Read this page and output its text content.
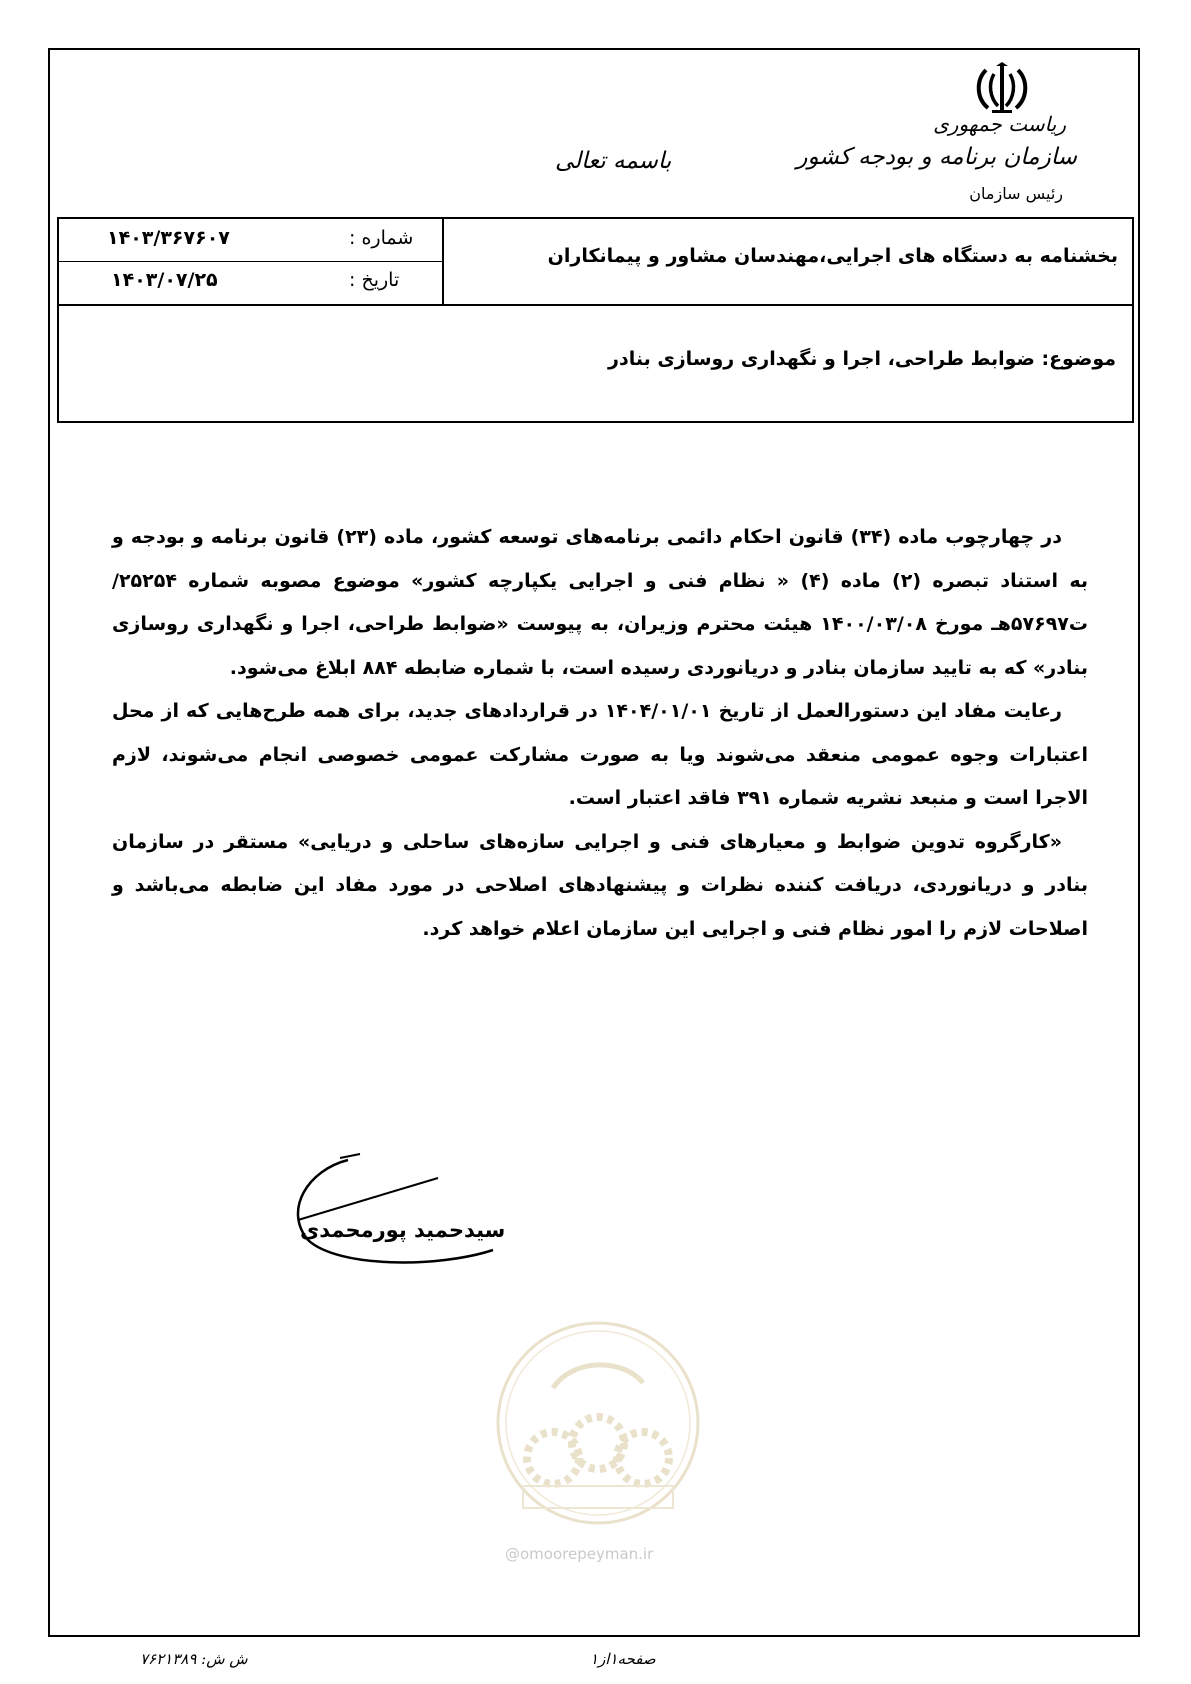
ریاست جمهوری
سازمان برنامه و بودجه کشور
رئیس سازمان
باسمه تعالی
شماره :
۱۴۰۳/۳۶۷۶۰۷
تاریخ :
۱۴۰۳/۰۷/۲۵
بخشنامه به دستگاه های اجرایی،مهندسان مشاور و پیمانکاران
موضوع: ضوابط طراحی، اجرا و نگهداری روسازی بنادر

در چهارچوب ماده (۳۴) قانون احکام دائمی برنامه‌های توسعه کشور، ماده (۲۳) قانون برنامه و بودجه و به استناد تبصره (۲) ماده (۴) « نظام فنی و اجرایی یکپارچه کشور» موضوع مصوبه شماره ۲۵۲۵۴/ت۵۷۶۹۷هـ مورخ ۱۴۰۰/۰۳/۰۸ هیئت محترم وزیران، به پیوست «ضوابط طراحی، اجرا و نگهداری روسازی بنادر» که به تایید سازمان بنادر و دریانوردی رسیده است، با شماره ضابطه ۸۸۴ ابلاغ می‌شود.

رعایت مفاد این دستورالعمل از تاریخ ۱۴۰۴/۰۱/۰۱ در قراردادهای جدید، برای همه طرح‌هایی که از محل اعتبارات وجوه عمومی منعقد می‌شوند ویا به صورت مشارکت عمومی خصوصی انجام می‌شوند، لازم الاجرا است و منبعد نشریه شماره ۳۹۱ فاقد اعتبار است.

«کارگروه تدوین ضوابط و معیارهای فنی و اجرایی سازه‌های ساحلی و دریایی» مستقر در سازمان بنادر و دریانوردی، دریافت کننده نظرات و پیشنهادهای اصلاحی در مورد مفاد این ضابطه می‌باشد و اصلاحات لازم را امور نظام فنی و اجرایی این سازمان اعلام خواهد کرد.

سیدحمید پورمحمدی
@omoorepeyman.ir
ش ش: ۷۶۲۱۳۸۹	صفحه۱از۱
